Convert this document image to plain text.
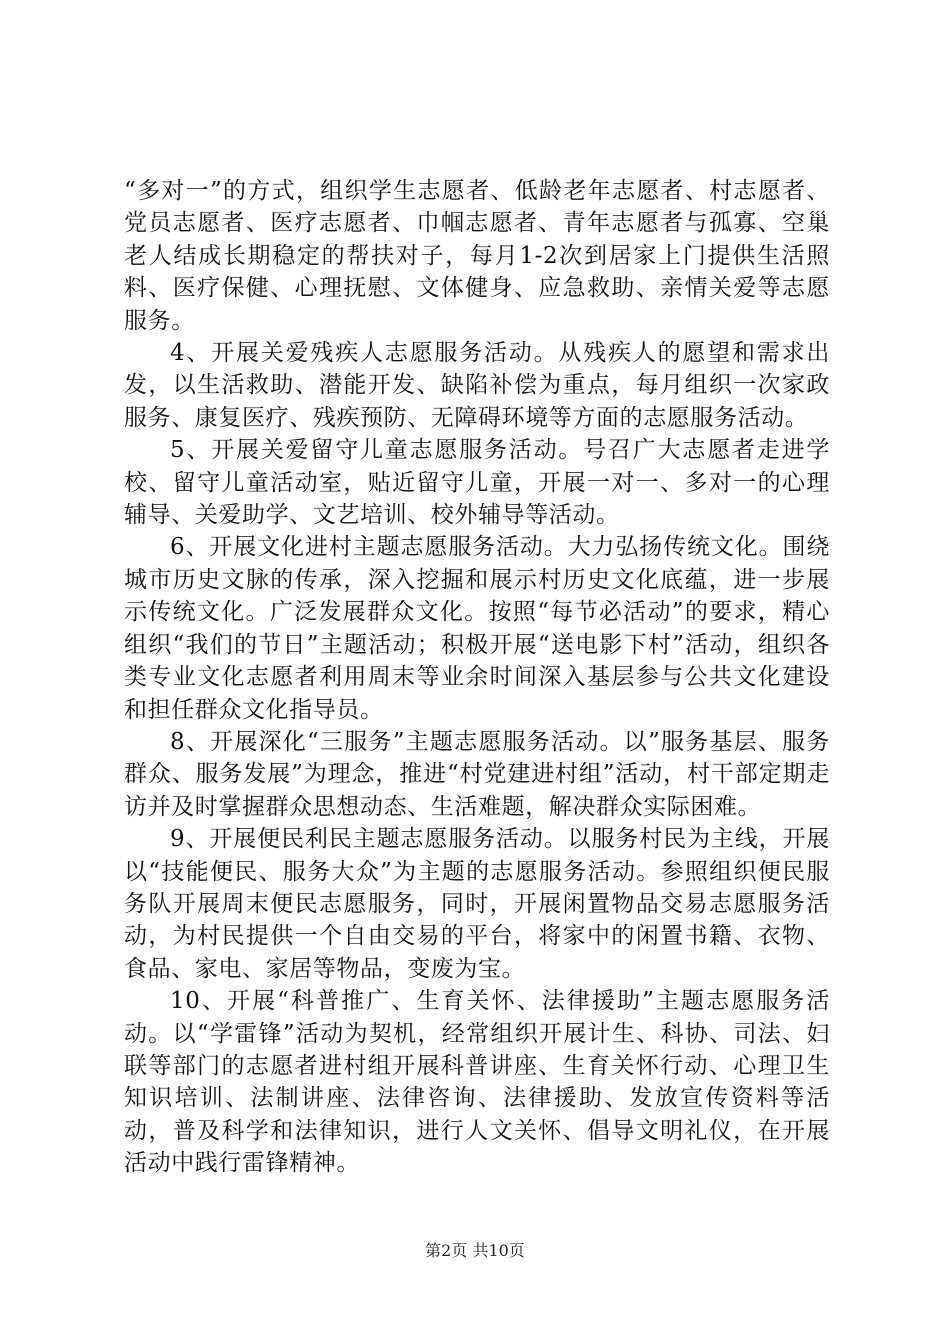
“多对一”的方式，组织学生志愿者、低龄老年志愿者、村志愿者、党员志愿者、医疗志愿者、巾帼志愿者、青年志愿者与孤寡、空巢老人结成长期稳定的帮扶对子，每月1-2次到居家上门提供生活照料、医疗保健、心理抚慰、文体健身、应急救助、亲情关爱等志愿服务。

4、开展关爱残疾人志愿服务活动。从残疾人的愿望和需求出发，以生活救助、潜能开发、缺陷补偿为重点，每月组织一次家政服务、康复医疗、残疾预防、无障碍环境等方面的志愿服务活动。

5、开展关爱留守儿童志愿服务活动。号召广大志愿者走进学校、留守儿童活动室，贴近留守儿童，开展一对一、多对一的心理辅导、关爱助学、文艺培训、校外辅导等活动。

6、开展文化进村主题志愿服务活动。大力弘扬传统文化。围绕城市历史文脉的传承，深入挖掘和展示村历史文化底蕴，进一步展示传统文化。广泛发展群众文化。按照“每节必活动”的要求，精心组织“我们的节日”主题活动；积极开展“送电影下村”活动，组织各类专业文化志愿者利用周末等业余时间深入基层参与公共文化建设和担任群众文化指导员。

8、开展深化“三服务”主题志愿服务活动。以”服务基层、服务群众、服务发展”为理念，推进“村党建进村组”活动，村干部定期走访并及时掌握群众思想动态、生活难题，解决群众实际困难。

9、开展便民利民主题志愿服务活动。以服务村民为主线，开展以“技能便民、服务大众”为主题的志愿服务活动。参照组织便民服务队开展周末便民志愿服务，同时，开展闲置物品交易志愿服务活动，为村民提供一个自由交易的平台，将家中的闲置书籍、衣物、食品、家电、家居等物品，变废为宝。

10、开展“科普推广、生育关怀、法律援助”主题志愿服务活动。以“学雷锋”活动为契机，经常组织开展计生、科协、司法、妇联等部门的志愿者进村组开展科普讲座、生育关怀行动、心理卫生知识培训、法制讲座、法律咨询、法律援助、发放宣传资料等活动，普及科学和法律知识，进行人文关怀、倡导文明礼仪，在开展活动中践行雷锋精神。

第2页 共10页
